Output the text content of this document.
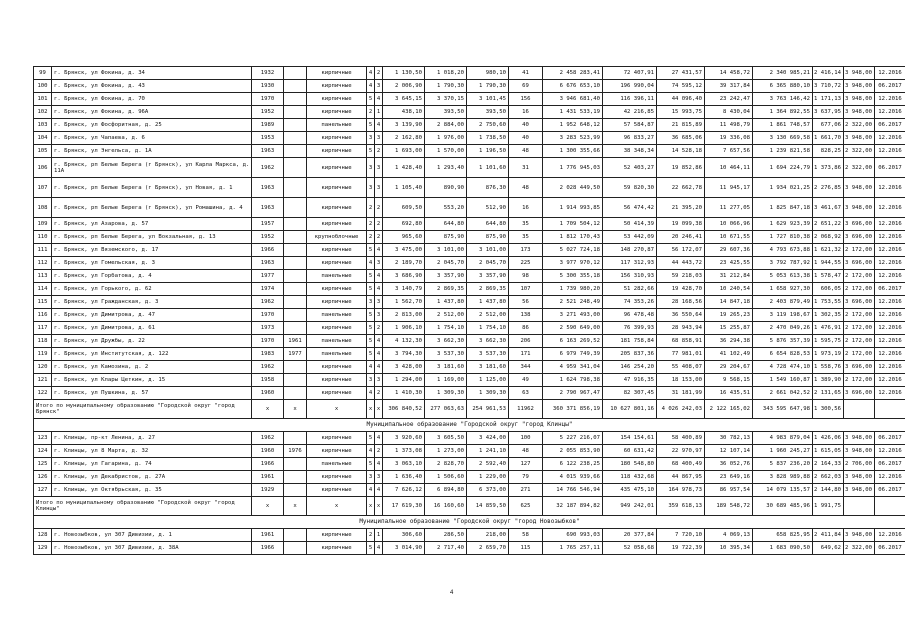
99	г. Брянск, ул Фокина, д. 34	1932		кирпичные	4	2	1 130,50	1 018,20	980,10	41	2 458 283,41	72 407,91	27 431,57	14 458,72	2 340 985,21	2 416,14	3 948,00	12.2016
100	г. Брянск, ул Фокина, д. 43	1930		кирпичные	4	3	2 006,90	1 790,30	1 790,30	69	6 676 653,10	196 990,04	74 595,12	39 317,84	6 365 880,10	3 710,72	3 948,00	06.2017
101	г. Брянск, ул Фокина, д. 70	1970		кирпичные	5	4	3 645,15	3 370,15	3 101,45	156	3 946 681,40	116 396,11	44 096,40	23 242,47	3 763 146,42	1 171,13	3 948,00	12.2016
102	г. Брянск, ул Фокина, д. 96А	1952		кирпичные	2	1	438,10	393,50	393,50	16	1 431 533,19	42 216,85	15 993,75	8 430,04	1 364 892,55	3 637,95	3 948,00	12.2016
103	г. Брянск, ул Фосфоритная, д. 25	1989		панельные	5	4	3 139,90	2 884,00	2 750,60	40	1 952 648,12	57 584,87	21 815,89	11 498,79	1 861 748,57	677,06	2 322,00	06.2017
104	г. Брянск, ул Чапаева, д. 6	1953		кирпичные	3	3	2 162,80	1 976,00	1 738,50	40	3 283 523,99	96 833,27	36 685,06	19 336,08	3 130 669,58	1 661,70	3 948,00	12.2016
105	г. Брянск, ул Энгельса, д. 1А	1963		кирпичные	5	2	1 693,00	1 570,00	1 196,50	48	1 300 355,66	38 348,34	14 528,18	7 657,56	1 239 821,58	828,25	2 322,00	12.2016
106	г. Брянск, рп Белые Берега (г Брянск), ул Карла Маркса, д. 11А	1962		кирпичные	3	3	1 428,40	1 293,40	1 101,60	31	1 776 945,03	52 403,27	19 852,86	10 464,11	1 694 224,79	1 373,86	2 322,00	06.2017
107	г. Брянск, рп Белые Берега (г Брянск), ул Новая, д. 1	1963		кирпичные	3	3	1 105,40	890,90	876,30	48	2 028 449,50	59 820,30	22 662,78	11 945,17	1 934 021,25	2 276,85	3 948,00	12.2016
108	г. Брянск, рп Белые Берега (г Брянск), ул Ромашина, д. 4	1963		кирпичные	2	2	609,50	553,20	512,90	16	1 914 993,85	56 474,42	21 395,20	11 277,05	1 825 847,18	3 461,67	3 948,00	12.2016
109	г. Брянск, ул Азарова, д. 57	1957		кирпичные	2	2	692,80	644,80	644,80	35	1 709 504,12	50 414,39	19 099,38	10 066,96	1 629 923,39	2 651,22	3 696,00	12.2016
110	г. Брянск, рп Белые Берега, ул Вокзальная, д. 13	1952		крупноблочные	2	2	965,60	875,90	875,90	35	1 812 170,43	53 442,09	20 246,41	10 671,55	1 727 810,38	2 068,92	3 696,00	12.2016
111	г. Брянск, ул Вяземского, д. 17	1966		кирпичные	5	4	3 475,00	3 101,00	3 101,00	173	5 027 724,18	148 270,87	56 172,07	29 607,36	4 793 673,88	1 621,32	2 172,00	12.2016
112	г. Брянск, ул Гомельская, д. 3	1963		кирпичные	4	3	2 189,70	2 045,70	2 045,70	225	3 977 970,12	117 312,93	44 443,72	23 425,55	3 792 787,92	1 944,55	3 696,00	12.2016
113	г. Брянск, ул Горбатова, д. 4	1977		панельные	5	4	3 686,90	3 357,90	3 357,90	98	5 300 355,18	156 310,93	59 218,03	31 212,84	5 053 613,38	1 578,47	2 172,00	12.2016
114	г. Брянск, ул Горького, д. 62	1974		кирпичные	5	4	3 140,79	2 869,35	2 869,35	107	1 739 980,20	51 282,66	19 428,70	10 240,54	1 658 927,30	606,05	2 172,00	06.2017
115	г. Брянск, ул Гражданская, д. 3	1962		кирпичные	3	3	1 562,70	1 437,80	1 437,80	56	2 521 248,49	74 353,26	28 168,56	14 847,18	2 403 879,49	1 753,55	3 696,00	12.2016
116	г. Брянск, ул Димитрова, д. 47	1970		панельные	5	3	2 813,00	2 512,00	2 512,00	138	3 271 493,00	96 478,48	36 550,64	19 265,23	3 119 198,67	1 302,35	2 172,00	12.2016
117	г. Брянск, ул Димитрова, д. 61	1973		кирпичные	5	2	1 906,10	1 754,10	1 754,10	86	2 590 649,00	76 399,93	28 943,94	15 255,87	2 470 049,26	1 476,91	2 172,00	12.2016
118	г. Брянск, ул Дружбы, д. 22	1970	1961	панельные	5	4	4 132,30	3 662,30	3 662,30	206	6 163 269,52	181 758,84	68 858,91	36 294,38	5 876 357,39	1 595,75	2 172,00	12.2016
119	г. Брянск, ул Институтская, д. 122	1983	1977	панельные	5	4	3 794,30	3 537,30	3 537,30	171	6 979 749,39	205 837,36	77 981,01	41 102,49	6 654 828,53	1 973,19	2 172,00	12.2016
120	г. Брянск, ул Камозина, д. 2	1962		кирпичные	4	4	3 428,00	3 181,60	3 181,60	344	4 959 341,04	146 254,20	55 408,07	29 204,67	4 728 474,10	1 558,76	3 696,00	12.2016
121	г. Брянск, ул Клары Цеткин, д. 15	1958		кирпичные	3	3	1 294,00	1 169,00	1 125,00	49	1 624 798,38	47 916,35	18 153,00	9 568,15	1 549 160,87	1 389,90	2 172,00	12.2016
122	г. Брянск, ул Пушкина, д. 57	1960		кирпичные	4	2	1 410,30	1 309,30	1 309,30	63	2 790 967,47	82 307,45	31 181,99	16 435,51	2 661 042,52	2 131,65	3 696,00	12.2016
Итого по муниципальному образованию "Городской округ "город Брянск"		x	x	x	x	x	306 840,52	277 063,63	254 961,53	11962	360 371 856,19	10 627 801,16	4 026 242,03	2 122 165,02	343 595 647,98	1 300,56		
Муниципальное образование "Городской округ "город Клинцы"																		
123	г. Клинцы, пр-кт Ленина, д. 27	1962		кирпичные	5	4	3 920,60	3 605,50	3 424,00	100	5 227 216,07	154 154,61	58 400,89	30 782,13	4 983 879,04	1 426,06	3 948,00	06.2017
124	г. Клинцы, ул 8 Марта, д. 32	1960	1976	кирпичные	4	2	1 373,08	1 273,00	1 241,10	48	2 055 853,90	60 631,42	22 970,97	12 107,14	1 960 245,27	1 615,05	3 948,00	12.2016
125	г. Клинцы, ул Гагарина, д. 74	1966		панельные	5	4	3 063,10	2 828,70	2 592,40	127	6 122 238,25	180 548,80	68 400,49	36 052,76	5 837 236,20	2 164,33	2 706,00	06.2017
126	г. Клинцы, ул Декабристов, д. 27А	1961		кирпичные	3	3	1 636,40	1 506,60	1 229,00	79	4 015 939,66	118 432,68	44 867,95	23 649,16	3 828 989,88	2 662,03	3 948,00	12.2016
127	г. Клинцы, ул Октябрьская, д. 35	1929		кирпичные	4	4	7 626,12	6 894,80	6 373,00	271	14 766 546,94	435 475,10	164 978,73	86 957,54	14 079 135,57	2 144,80	3 948,00	06.2017
Итого по муниципальному образованию "Городской округ "город Клинцы"		x	x	x	x	x	17 619,30	16 160,60	14 859,50	625	32 187 894,82	949 242,01	359 618,13	189 548,72	30 689 485,96	1 991,75		
Муниципальное образование "Городской округ "город Новозыбков"																		
128	г. Новозыбков, ул 307 Дивизии, д. 1	1961		кирпичные	2	1	306,60	286,50	218,00	58	690 993,03	20 377,84	7 720,10	4 069,13	658 825,95	2 411,84	3 948,00	12.2016
129	г. Новозыбков, ул 307 Дивизии, д. 38А	1966		кирпичные	5	4	3 014,90	2 717,40	2 659,70	115	1 765 257,11	52 058,68	19 722,39	10 395,34	1 683 090,50	649,62	2 322,00	06.2017
4
